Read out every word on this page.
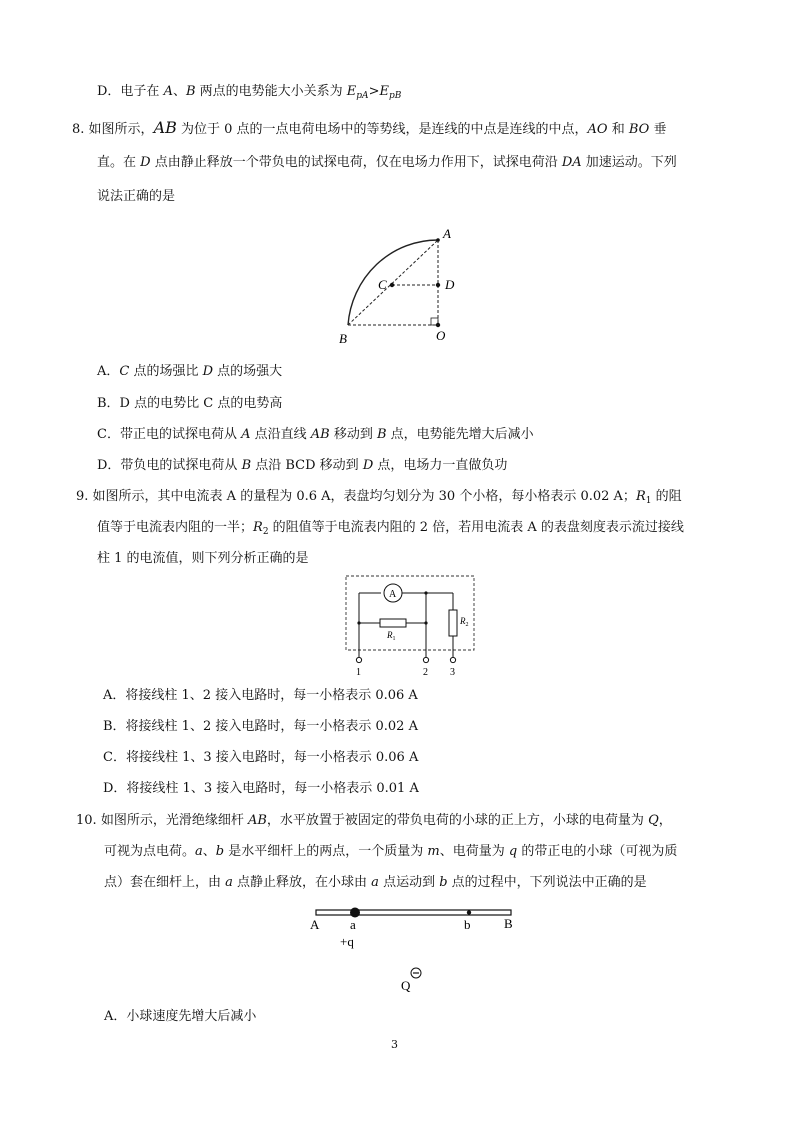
D．电子在 A、B 两点的电势能大小关系为 $E_{pA}>E_{pB}$
8. 如图所示，AB 为位于 0 点的一点电荷电场中的等势线，是连线的中点是连线的中点，AO 和 BO 垂
直。在 D 点由静止释放一个带负电的试探电荷，仅在电场力作用下，试探电荷沿 DA 加速运动。下列
说法正确的是
A
B
C	D
O
A．C 点的场强比 D 点的场强大
B．D 点的电势比 C 点的电势高
C．带正电的试探电荷从 A 点沿直线 AB 移动到 B 点，电势能先增大后减小
D．带负电的试探电荷从 B 点沿 BCD 移动到 D 点，电场力一直做负功
9. 如图所示，其中电流表 A 的量程为 0.6 A，表盘均匀划分为 30 个小格，每小格表示 0.02 A；$R_1$ 的阻
值等于电流表内阻的一半；$R_2$ 的阻值等于电流表内阻的 2 倍，若用电流表 A 的表盘刻度表示流过接线
柱 1 的电流值，则下列分析正确的是
A
$R_1$
$R_2$
1	2 3
A．将接线柱 1、2 接入电路时，每一小格表示 0.06 A
B．将接线柱 1、2 接入电路时，每一小格表示 0.02 A
C．将接线柱 1、3 接入电路时，每一小格表示 0.06 A
D．将接线柱 1、3 接入电路时，每一小格表示 0.01 A
10. 如图所示，光滑绝缘细杆 AB，水平放置于被固定的带负电荷的小球的正上方，小球的电荷量为 Q，
可视为点电荷。a、b 是水平细杆上的两点，一个质量为 m、电荷量为 q 的带正电的小球（可视为质
点）套在细杆上，由 a 点静止释放，在小球由 a 点运动到 b 点的过程中，下列说法中正确的是
A a
+q
b	B
Q
A．小球速度先增大后减小
3
